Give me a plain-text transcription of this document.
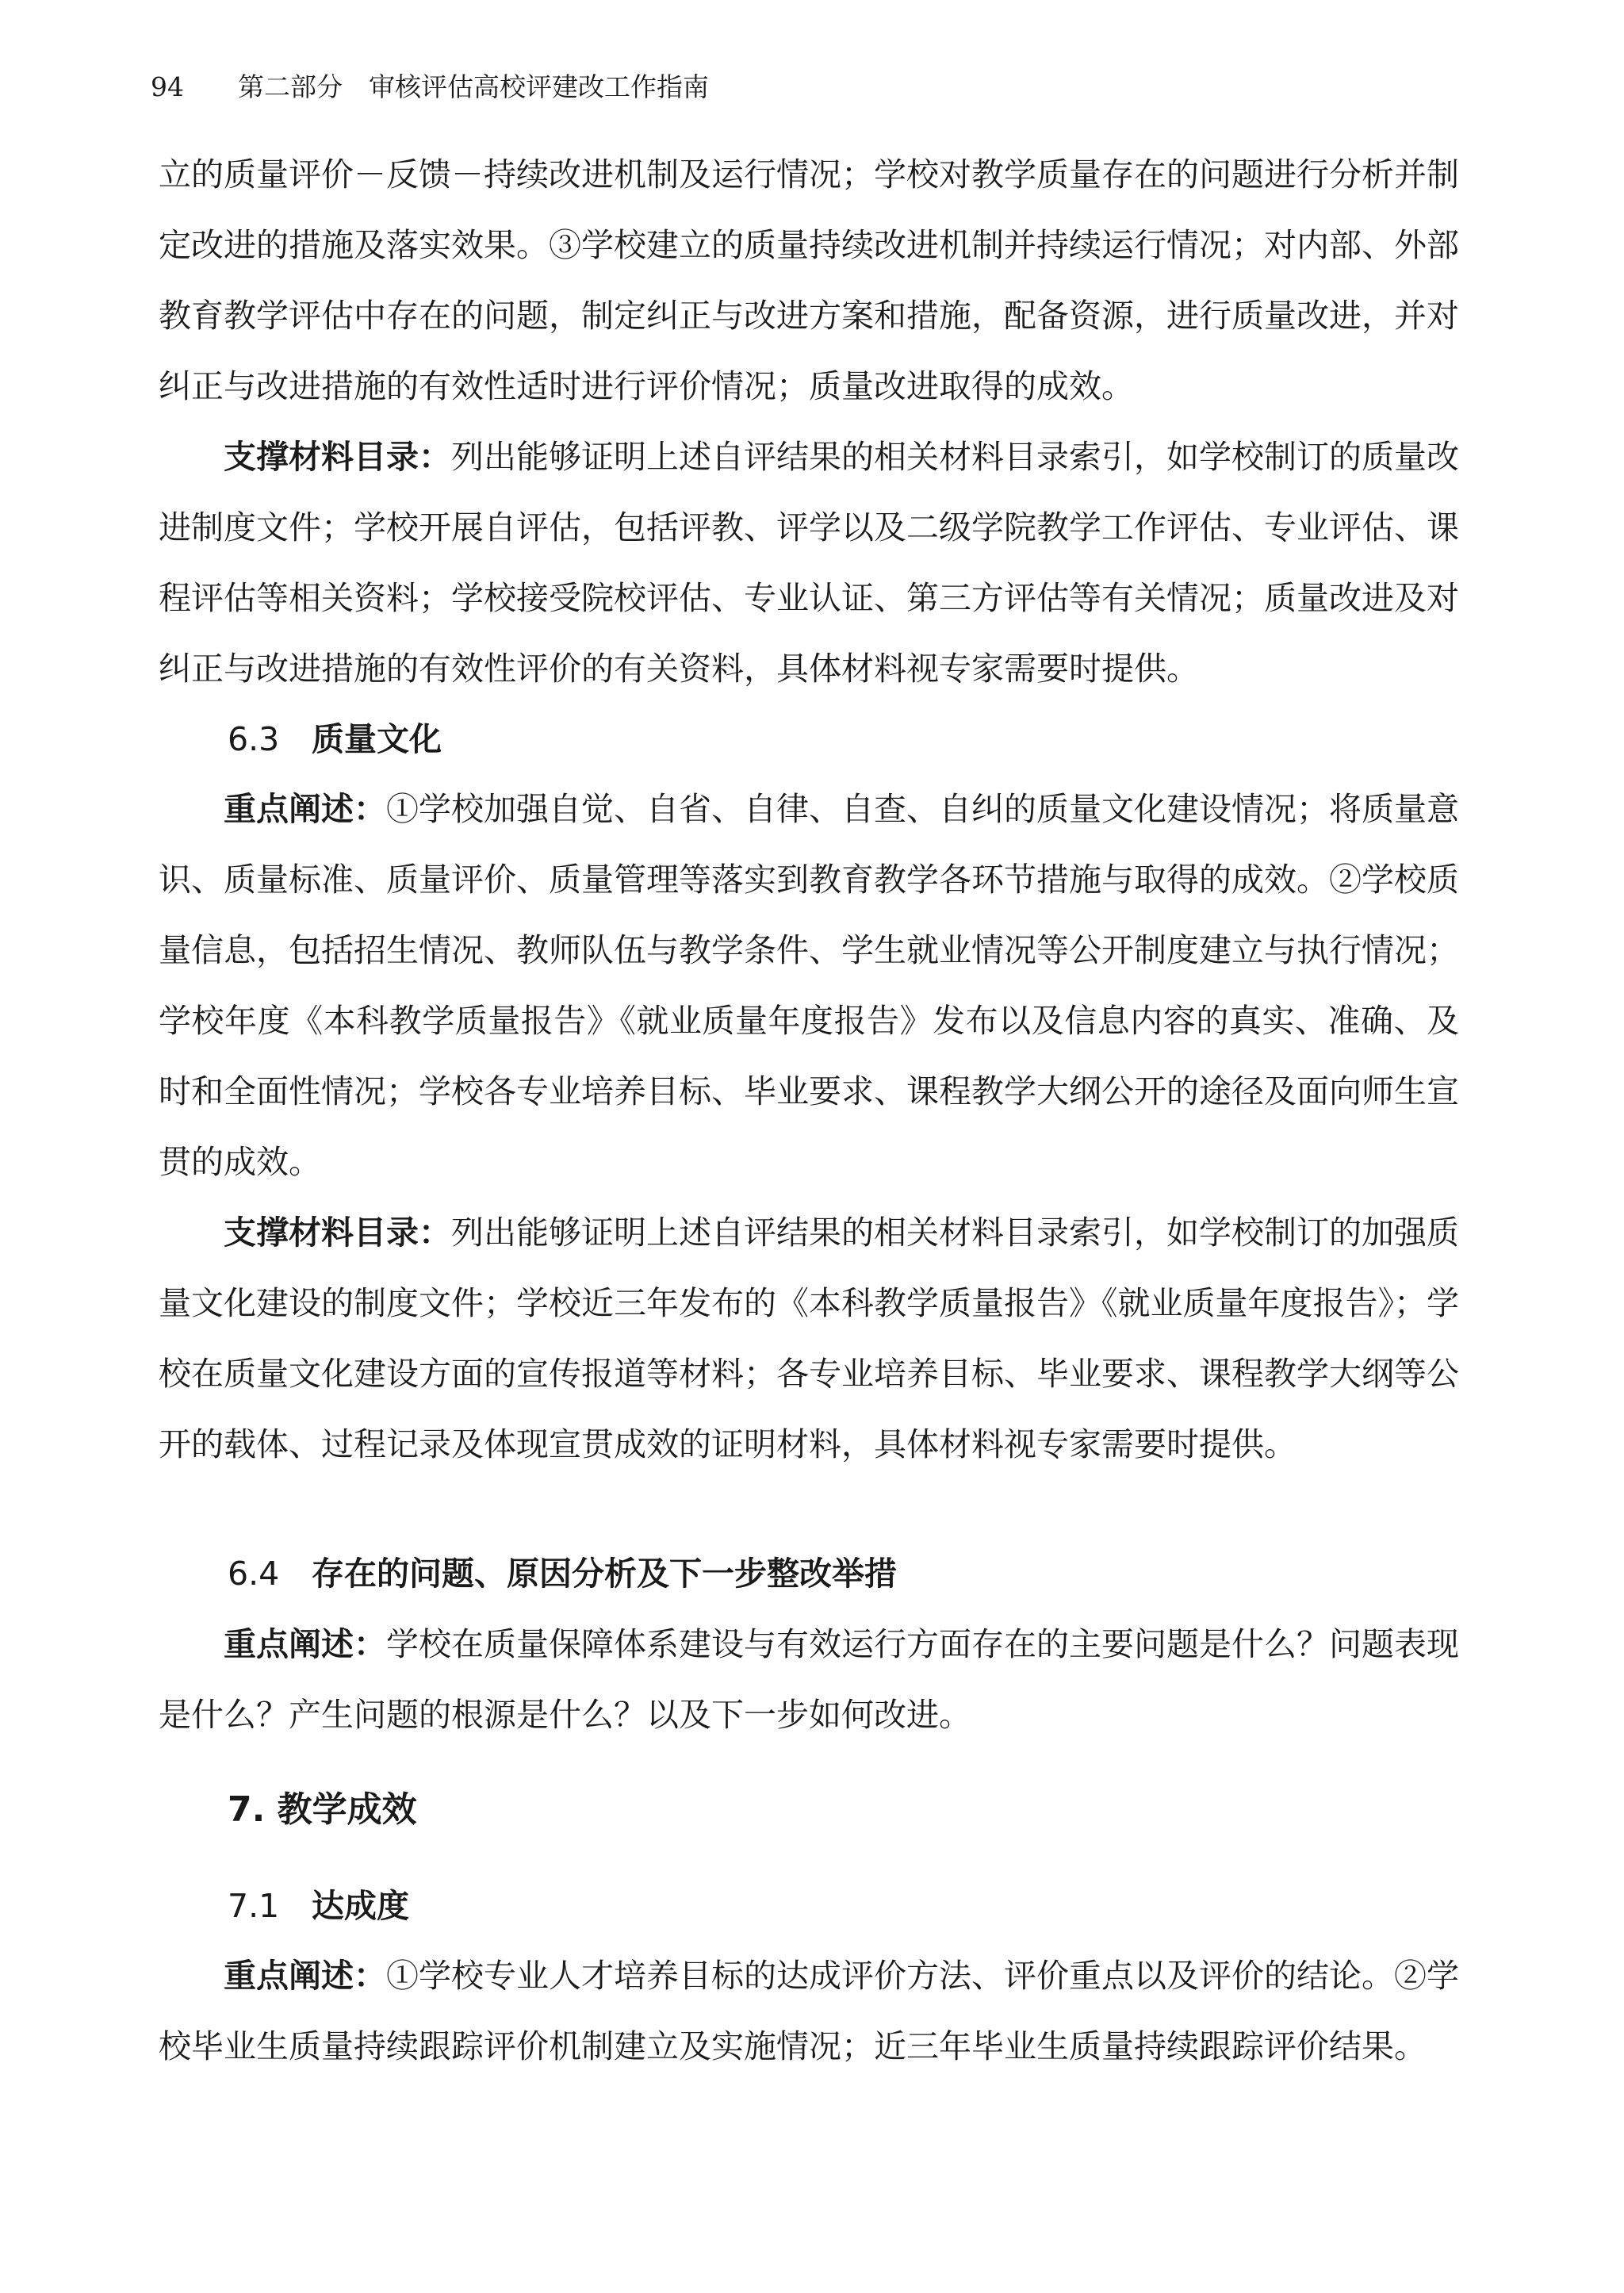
94 第二部分　审核评估高校评建改工作指南

立的质量评价－反馈－持续改进机制及运行情况；学校对教学质量存在的问题进行分析并制定改进的措施及落实效果。③学校建立的质量持续改进机制并持续运行情况；对内部、外部教育教学评估中存在的问题，制定纠正与改进方案和措施，配备资源，进行质量改进，并对纠正与改进措施的有效性适时进行评价情况；质量改进取得的成效。

支撑材料目录：列出能够证明上述自评结果的相关材料目录索引，如学校制订的质量改进制度文件；学校开展自评估，包括评教、评学以及二级学院教学工作评估、专业评估、课程评估等相关资料；学校接受院校评估、专业认证、第三方评估等有关情况；质量改进及对纠正与改进措施的有效性评价的有关资料，具体材料视专家需要时提供。

6.3 质量文化

重点阐述：①学校加强自觉、自省、自律、自查、自纠的质量文化建设情况；将质量意识、质量标准、质量评价、质量管理等落实到教育教学各环节措施与取得的成效。②学校质量信息，包括招生情况、教师队伍与教学条件、学生就业情况等公开制度建立与执行情况；学校年度《本科教学质量报告》《就业质量年度报告》发布以及信息内容的真实、准确、及时和全面性情况；学校各专业培养目标、毕业要求、课程教学大纲公开的途径及面向师生宣贯的成效。

支撑材料目录：列出能够证明上述自评结果的相关材料目录索引，如学校制订的加强质量文化建设的制度文件；学校近三年发布的《本科教学质量报告》《就业质量年度报告》；学校在质量文化建设方面的宣传报道等材料；各专业培养目标、毕业要求、课程教学大纲等公开的载体、过程记录及体现宣贯成效的证明材料，具体材料视专家需要时提供。

6.4 存在的问题、原因分析及下一步整改举措

重点阐述：学校在质量保障体系建设与有效运行方面存在的主要问题是什么？问题表现是什么？产生问题的根源是什么？以及下一步如何改进。

7. 教学成效
7.1 达成度

重点阐述：①学校专业人才培养目标的达成评价方法、评价重点以及评价的结论。②学校毕业生质量持续跟踪评价机制建立及实施情况；近三年毕业生质量持续跟踪评价结果。
